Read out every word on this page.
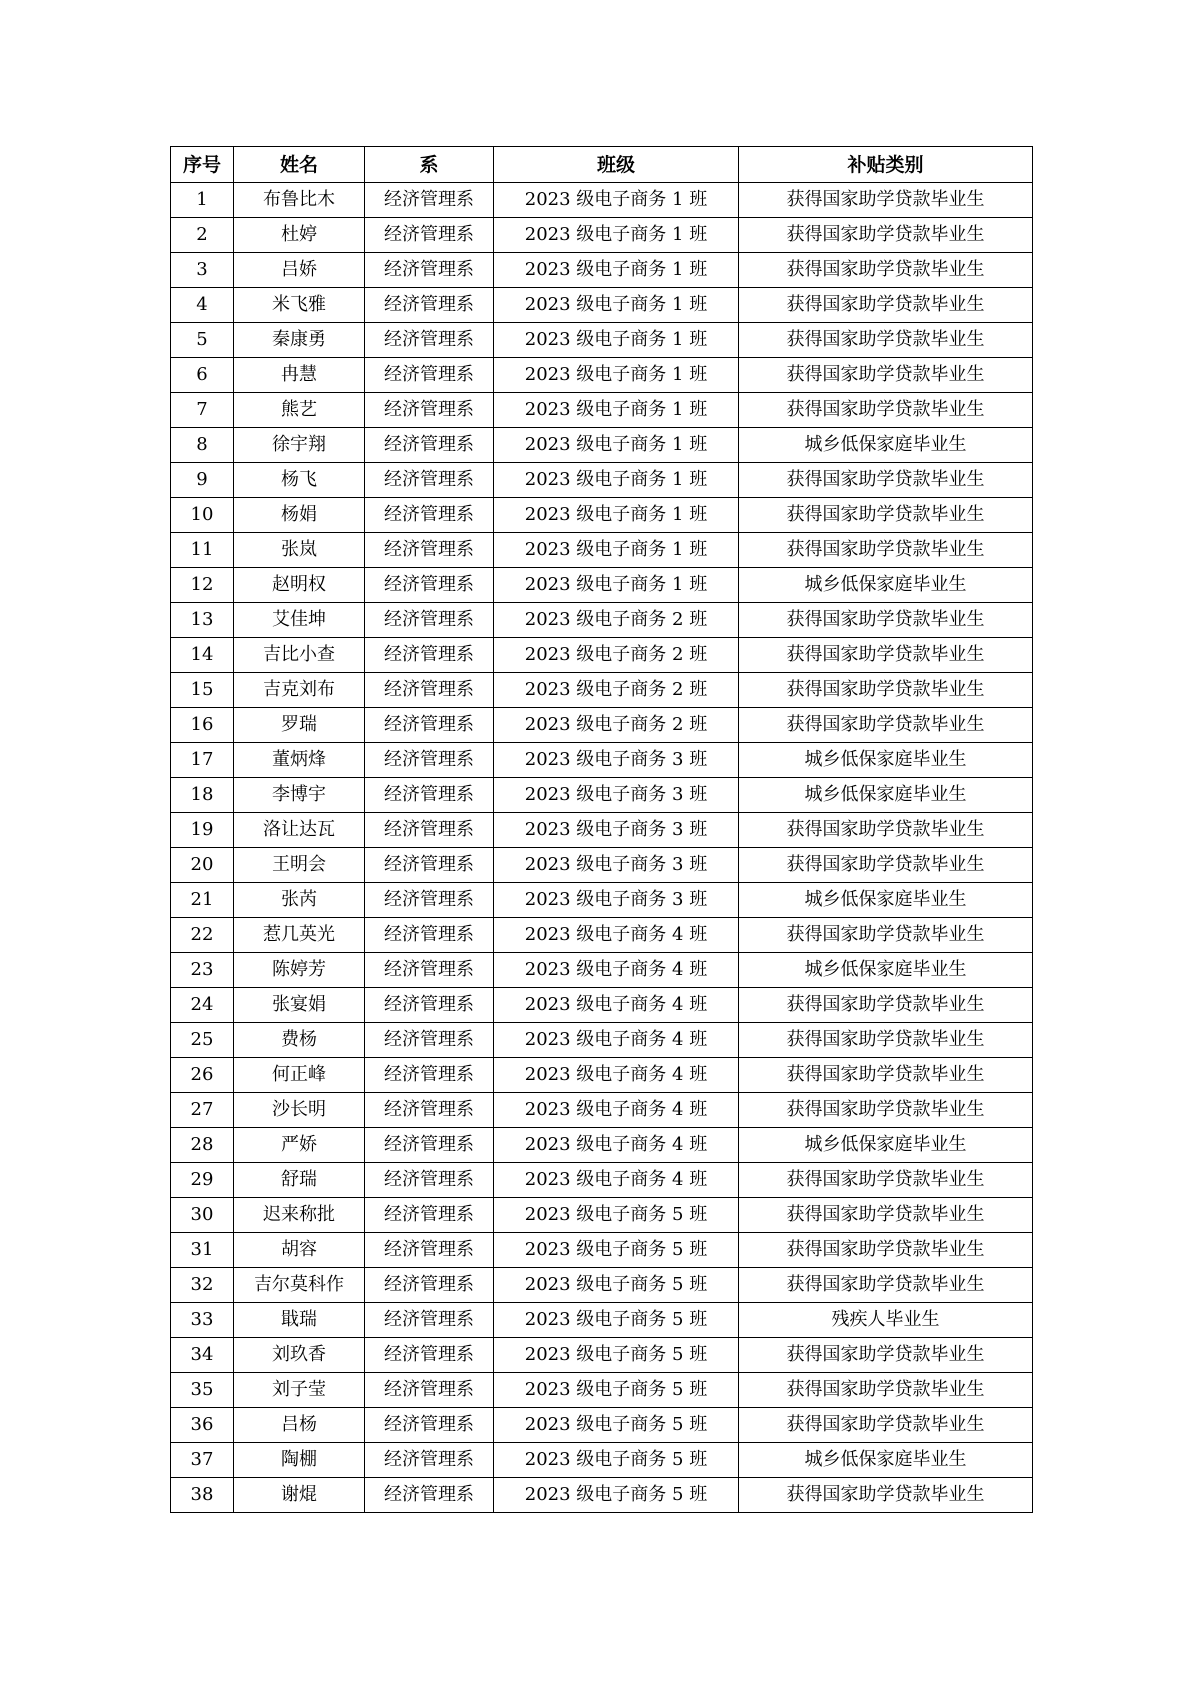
序号	姓名	系	班级	补贴类别
1	布鲁比木	经济管理系	2023 级电子商务 1 班	获得国家助学贷款毕业生
2	杜婷	经济管理系	2023 级电子商务 1 班	获得国家助学贷款毕业生
3	吕娇	经济管理系	2023 级电子商务 1 班	获得国家助学贷款毕业生
4	米飞雅	经济管理系	2023 级电子商务 1 班	获得国家助学贷款毕业生
5	秦康勇	经济管理系	2023 级电子商务 1 班	获得国家助学贷款毕业生
6	冉慧	经济管理系	2023 级电子商务 1 班	获得国家助学贷款毕业生
7	熊艺	经济管理系	2023 级电子商务 1 班	获得国家助学贷款毕业生
8	徐宇翔	经济管理系	2023 级电子商务 1 班	城乡低保家庭毕业生
9	杨飞	经济管理系	2023 级电子商务 1 班	获得国家助学贷款毕业生
10	杨娟	经济管理系	2023 级电子商务 1 班	获得国家助学贷款毕业生
11	张岚	经济管理系	2023 级电子商务 1 班	获得国家助学贷款毕业生
12	赵明权	经济管理系	2023 级电子商务 1 班	城乡低保家庭毕业生
13	艾佳坤	经济管理系	2023 级电子商务 2 班	获得国家助学贷款毕业生
14	吉比小查	经济管理系	2023 级电子商务 2 班	获得国家助学贷款毕业生
15	吉克刘布	经济管理系	2023 级电子商务 2 班	获得国家助学贷款毕业生
16	罗瑞	经济管理系	2023 级电子商务 2 班	获得国家助学贷款毕业生
17	董炳烽	经济管理系	2023 级电子商务 3 班	城乡低保家庭毕业生
18	李博宇	经济管理系	2023 级电子商务 3 班	城乡低保家庭毕业生
19	洛让达瓦	经济管理系	2023 级电子商务 3 班	获得国家助学贷款毕业生
20	王明会	经济管理系	2023 级电子商务 3 班	获得国家助学贷款毕业生
21	张芮	经济管理系	2023 级电子商务 3 班	城乡低保家庭毕业生
22	惹几英光	经济管理系	2023 级电子商务 4 班	获得国家助学贷款毕业生
23	陈婷芳	经济管理系	2023 级电子商务 4 班	城乡低保家庭毕业生
24	张宴娟	经济管理系	2023 级电子商务 4 班	获得国家助学贷款毕业生
25	费杨	经济管理系	2023 级电子商务 4 班	获得国家助学贷款毕业生
26	何正峰	经济管理系	2023 级电子商务 4 班	获得国家助学贷款毕业生
27	沙长明	经济管理系	2023 级电子商务 4 班	获得国家助学贷款毕业生
28	严娇	经济管理系	2023 级电子商务 4 班	城乡低保家庭毕业生
29	舒瑞	经济管理系	2023 级电子商务 4 班	获得国家助学贷款毕业生
30	迟来称批	经济管理系	2023 级电子商务 5 班	获得国家助学贷款毕业生
31	胡容	经济管理系	2023 级电子商务 5 班	获得国家助学贷款毕业生
32	吉尔莫科作	经济管理系	2023 级电子商务 5 班	获得国家助学贷款毕业生
33	戢瑞	经济管理系	2023 级电子商务 5 班	残疾人毕业生
34	刘玖香	经济管理系	2023 级电子商务 5 班	获得国家助学贷款毕业生
35	刘子莹	经济管理系	2023 级电子商务 5 班	获得国家助学贷款毕业生
36	吕杨	经济管理系	2023 级电子商务 5 班	获得国家助学贷款毕业生
37	陶棚	经济管理系	2023 级电子商务 5 班	城乡低保家庭毕业生
38	谢焜	经济管理系	2023 级电子商务 5 班	获得国家助学贷款毕业生
